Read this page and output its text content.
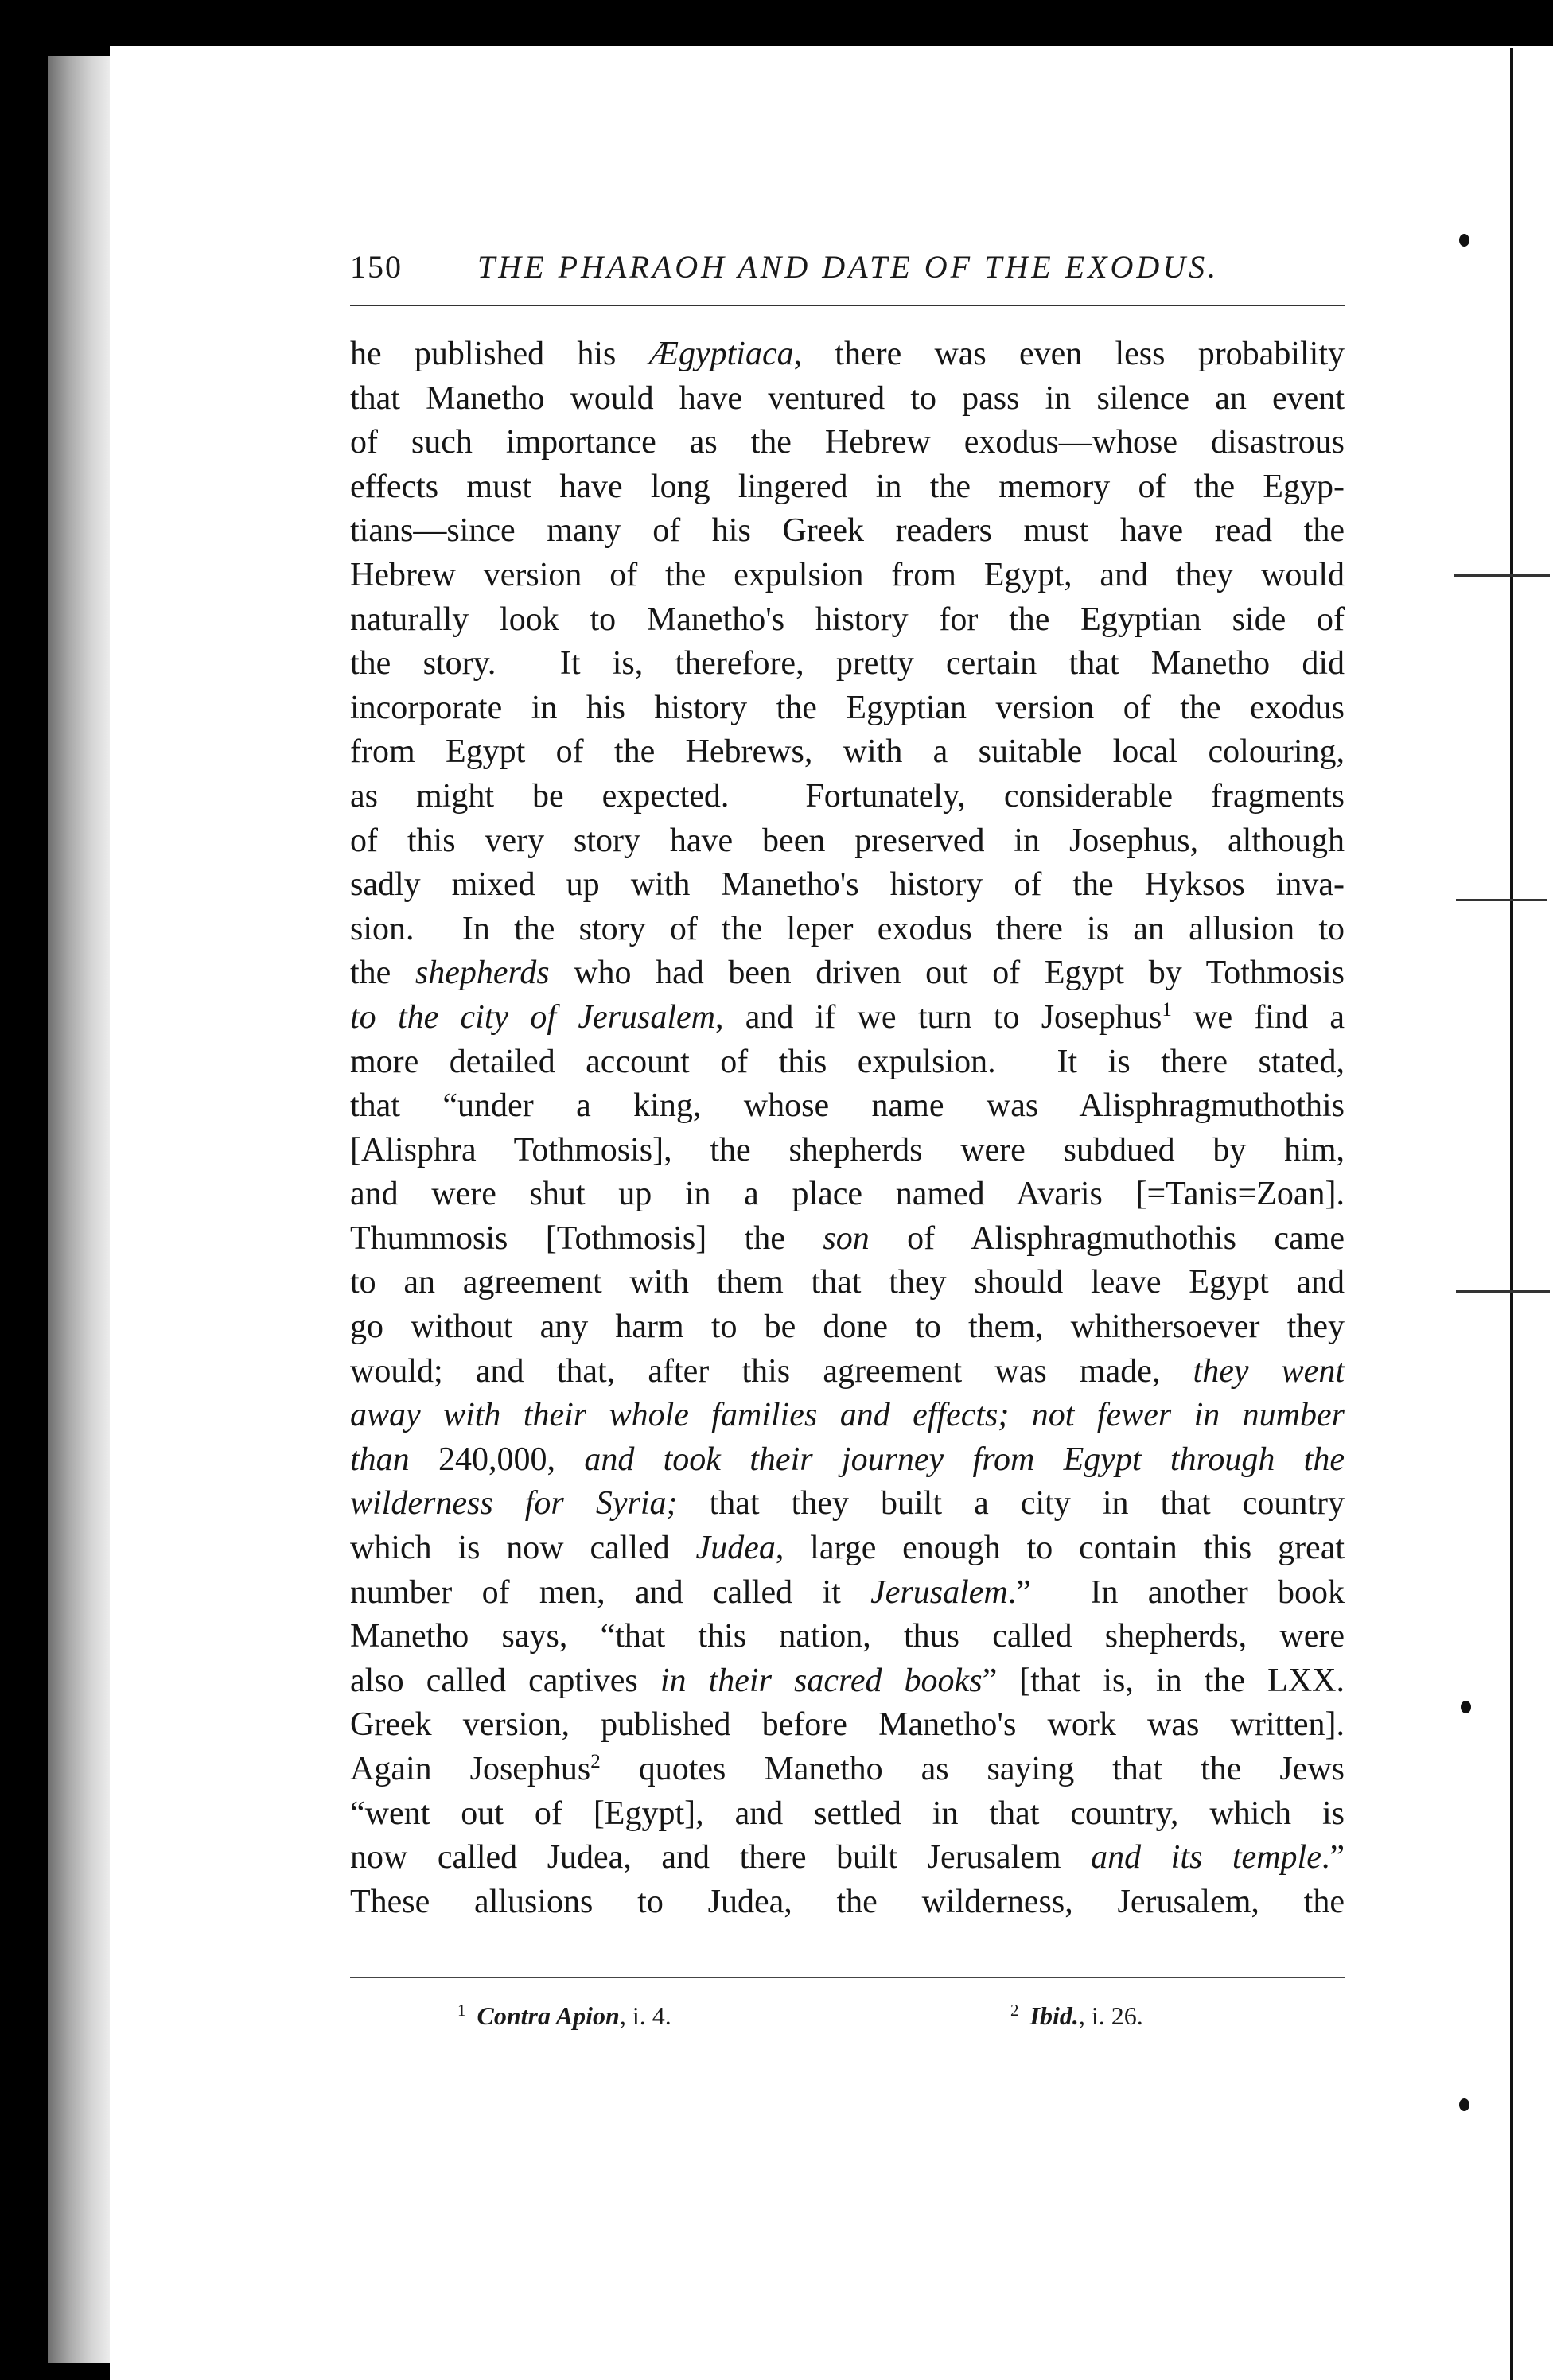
150 THE PHARAOH AND DATE OF THE EXODUS.
he published his Ægyptiaca, there was even less probability
that Manetho would have ventured to pass in silence an event
of such importance as the Hebrew exodus—whose disastrous
effects must have long lingered in the memory of the Egyp-
tians—since many of his Greek readers must have read the
Hebrew version of the expulsion from Egypt, and they would
naturally look to Manetho's history for the Egyptian side of
the story.  It is, therefore, pretty certain that Manetho did
incorporate in his history the Egyptian version of the exodus
from Egypt of the Hebrews, with a suitable local colouring,
as might be expected.  Fortunately, considerable fragments
of this very story have been preserved in Josephus, although
sadly mixed up with Manetho's history of the Hyksos inva-
sion.  In the story of the leper exodus there is an allusion to
the shepherds who had been driven out of Egypt by Tothmosis
to the city of Jerusalem, and if we turn to Josephus$^1$ we find a
more detailed account of this expulsion.  It is there stated,
that “under a king, whose name was Alisphragmuthothis
[Alisphra Tothmosis], the shepherds were subdued by him,
and were shut up in a place named Avaris [=Tanis=Zoan].
Thummosis [Tothmosis] the son of Alisphragmuthothis came
to an agreement with them that they should leave Egypt and
go without any harm to be done to them, whithersoever they
would; and that, after this agreement was made, they went
away with their whole families and effects; not fewer in number
than 240,000, and took their journey from Egypt through the
wilderness for Syria; that they built a city in that country
which is now called Judea, large enough to contain this great
number of men, and called it Jerusalem.”  In another book
Manetho says, “that this nation, thus called shepherds, were
also called captives in their sacred books” [that is, in the LXX.
Greek version, published before Manetho's work was written].
Again Josephus$^2$ quotes Manetho as saying that the Jews
“went out of [Egypt], and settled in that country, which is
now called Judea, and there built Jerusalem and its temple.”
These allusions to Judea, the wilderness, Jerusalem, the
$^1$ Contra Apion, i. 4.	$^2$ Ibid., i. 26.
